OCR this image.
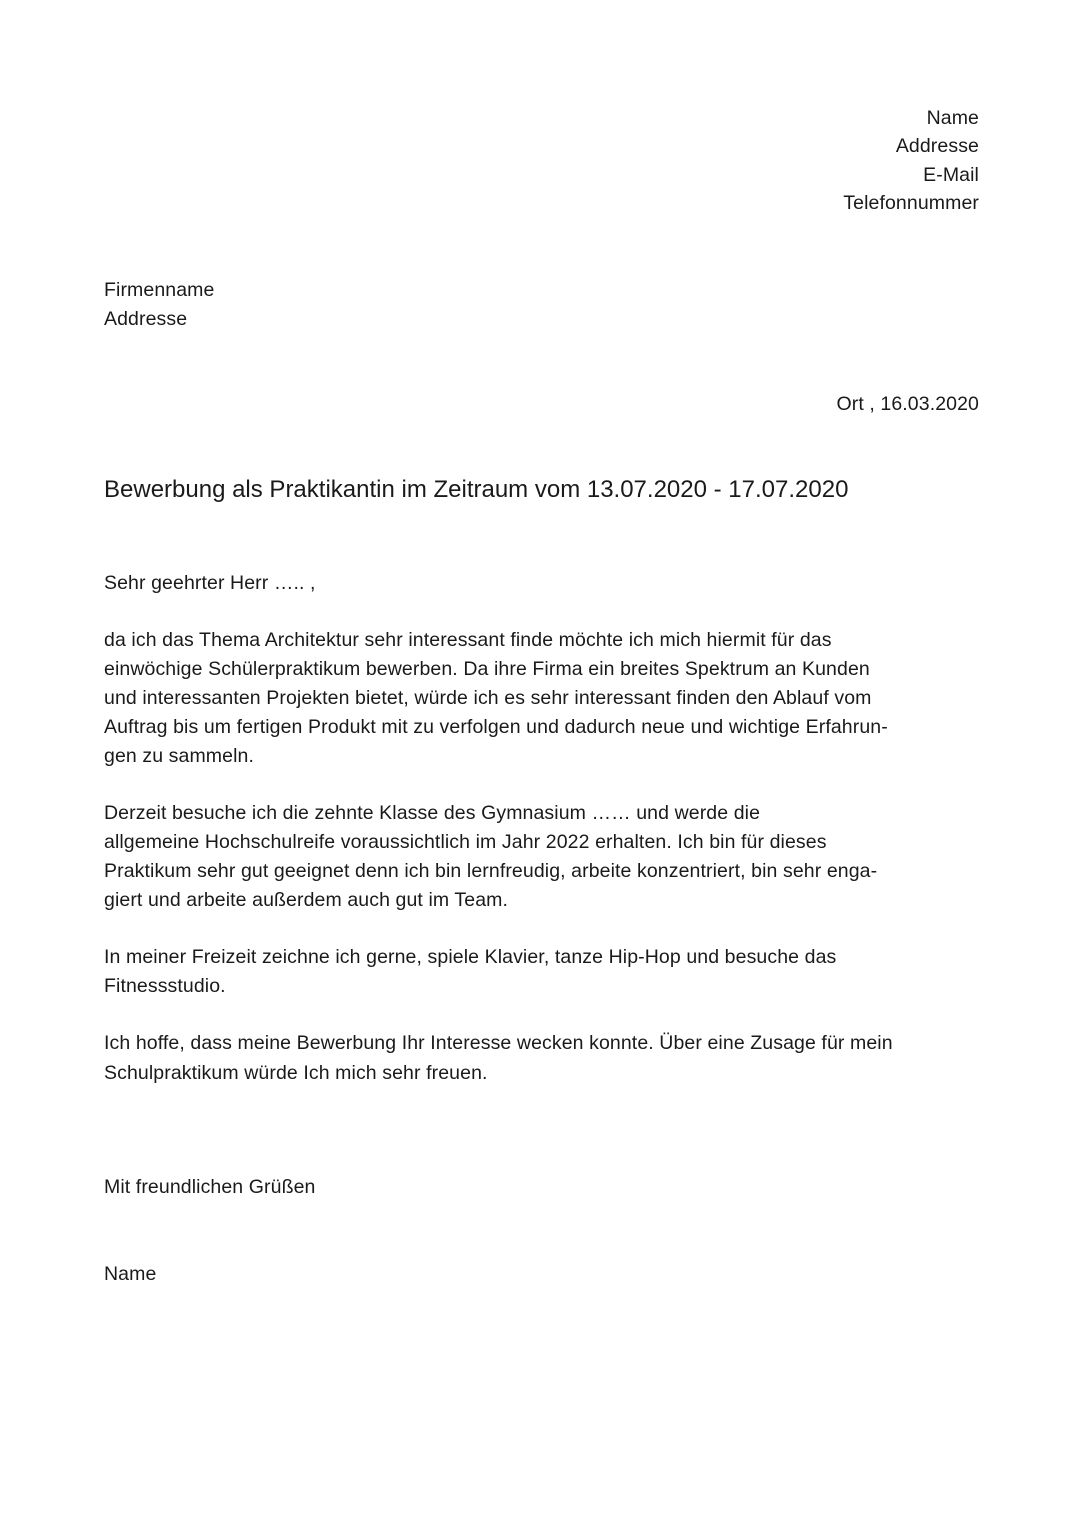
Name
Addresse
E-Mail
Telefonnummer
Firmenname
Addresse
Ort , 16.03.2020
Bewerbung als Praktikantin im Zeitraum vom 13.07.2020 - 17.07.2020
Sehr geehrter Herr ….. ,
da ich das Thema Architektur sehr interessant finde möchte ich mich hiermit für das
einwöchige Schülerpraktikum bewerben. Da ihre Firma ein breites Spektrum an Kunden
und interessanten Projekten bietet, würde ich es sehr interessant finden den Ablauf vom
Auftrag bis um fertigen Produkt mit zu verfolgen und dadurch neue und wichtige Erfahrun-
gen zu sammeln.
Derzeit besuche ich die zehnte Klasse des Gymnasium …… und werde die
allgemeine Hochschulreife voraussichtlich im Jahr 2022 erhalten. Ich bin für dieses
Praktikum sehr gut geeignet denn ich bin lernfreudig, arbeite konzentriert, bin sehr enga-
giert und arbeite außerdem auch gut im Team.
In meiner Freizeit zeichne ich gerne, spiele Klavier, tanze Hip-Hop und besuche das
Fitnessstudio.
Ich hoffe, dass meine Bewerbung Ihr Interesse wecken konnte. Über eine Zusage für mein
Schulpraktikum würde Ich mich sehr freuen.
Mit freundlichen Grüßen
Name
